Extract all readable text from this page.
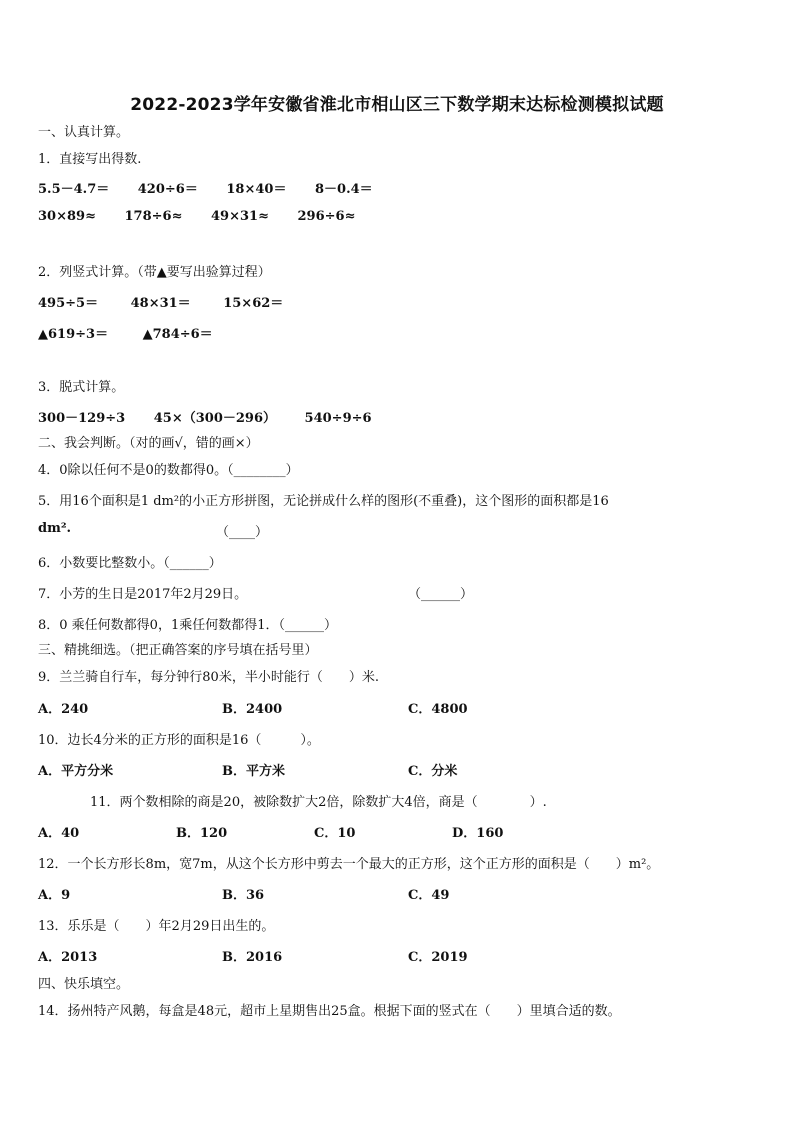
2022-2023学年安徽省淮北市相山区三下数学期末达标检测模拟试题
一、认真计算。
1．直接写出得数.
5.5－4.7＝ 420÷6＝ 18×40＝ 8－0.4＝
30×89≈ 178÷6≈ 49×31≈ 296÷6≈
2．列竖式计算。（带▲要写出验算过程）
495÷5＝	48×31＝	15×62＝
▲619÷3＝	▲784÷6＝
3．脱式计算。
300－129÷3 45×（300－296） 540÷9÷6
二、我会判断。（对的画√，错的画×）
4．0除以任何不是0的数都得0。（________）
5．用16个面积是1 dm²的小正方形拼图，无论拼成什么样的图形(不重叠)，这个图形的面积都是16
dm².	（____）
6．小数要比整数小。（______）
7．小芳的生日是2017年2月29日。	（______）
8．0 乘任何数都得0，1乘任何数都得1．（______）
三、精挑细选。（把正确答案的序号填在括号里）
9．兰兰骑自行车，每分钟行80米，半小时能行（　　）米.
A．240	B．2400	C．4800
10．边长4分米的正方形的面积是16（　　　）。
A．平方分米	B．平方米	C．分米
11．两个数相除的商是20，被除数扩大2倍，除数扩大4倍，商是（　　　　）.
A．40	B．120	C．10	D．160
12．一个长方形长8m，宽7m，从这个长方形中剪去一个最大的正方形，这个正方形的面积是（　　）m²。
A．9	B．36	C．49
13．乐乐是（　　）年2月29日出生的。
A．2013	B．2016	C．2019
四、快乐填空。
14．扬州特产风鹅，每盒是48元，超市上星期售出25盒。根据下面的竖式在（　　）里填合适的数。
